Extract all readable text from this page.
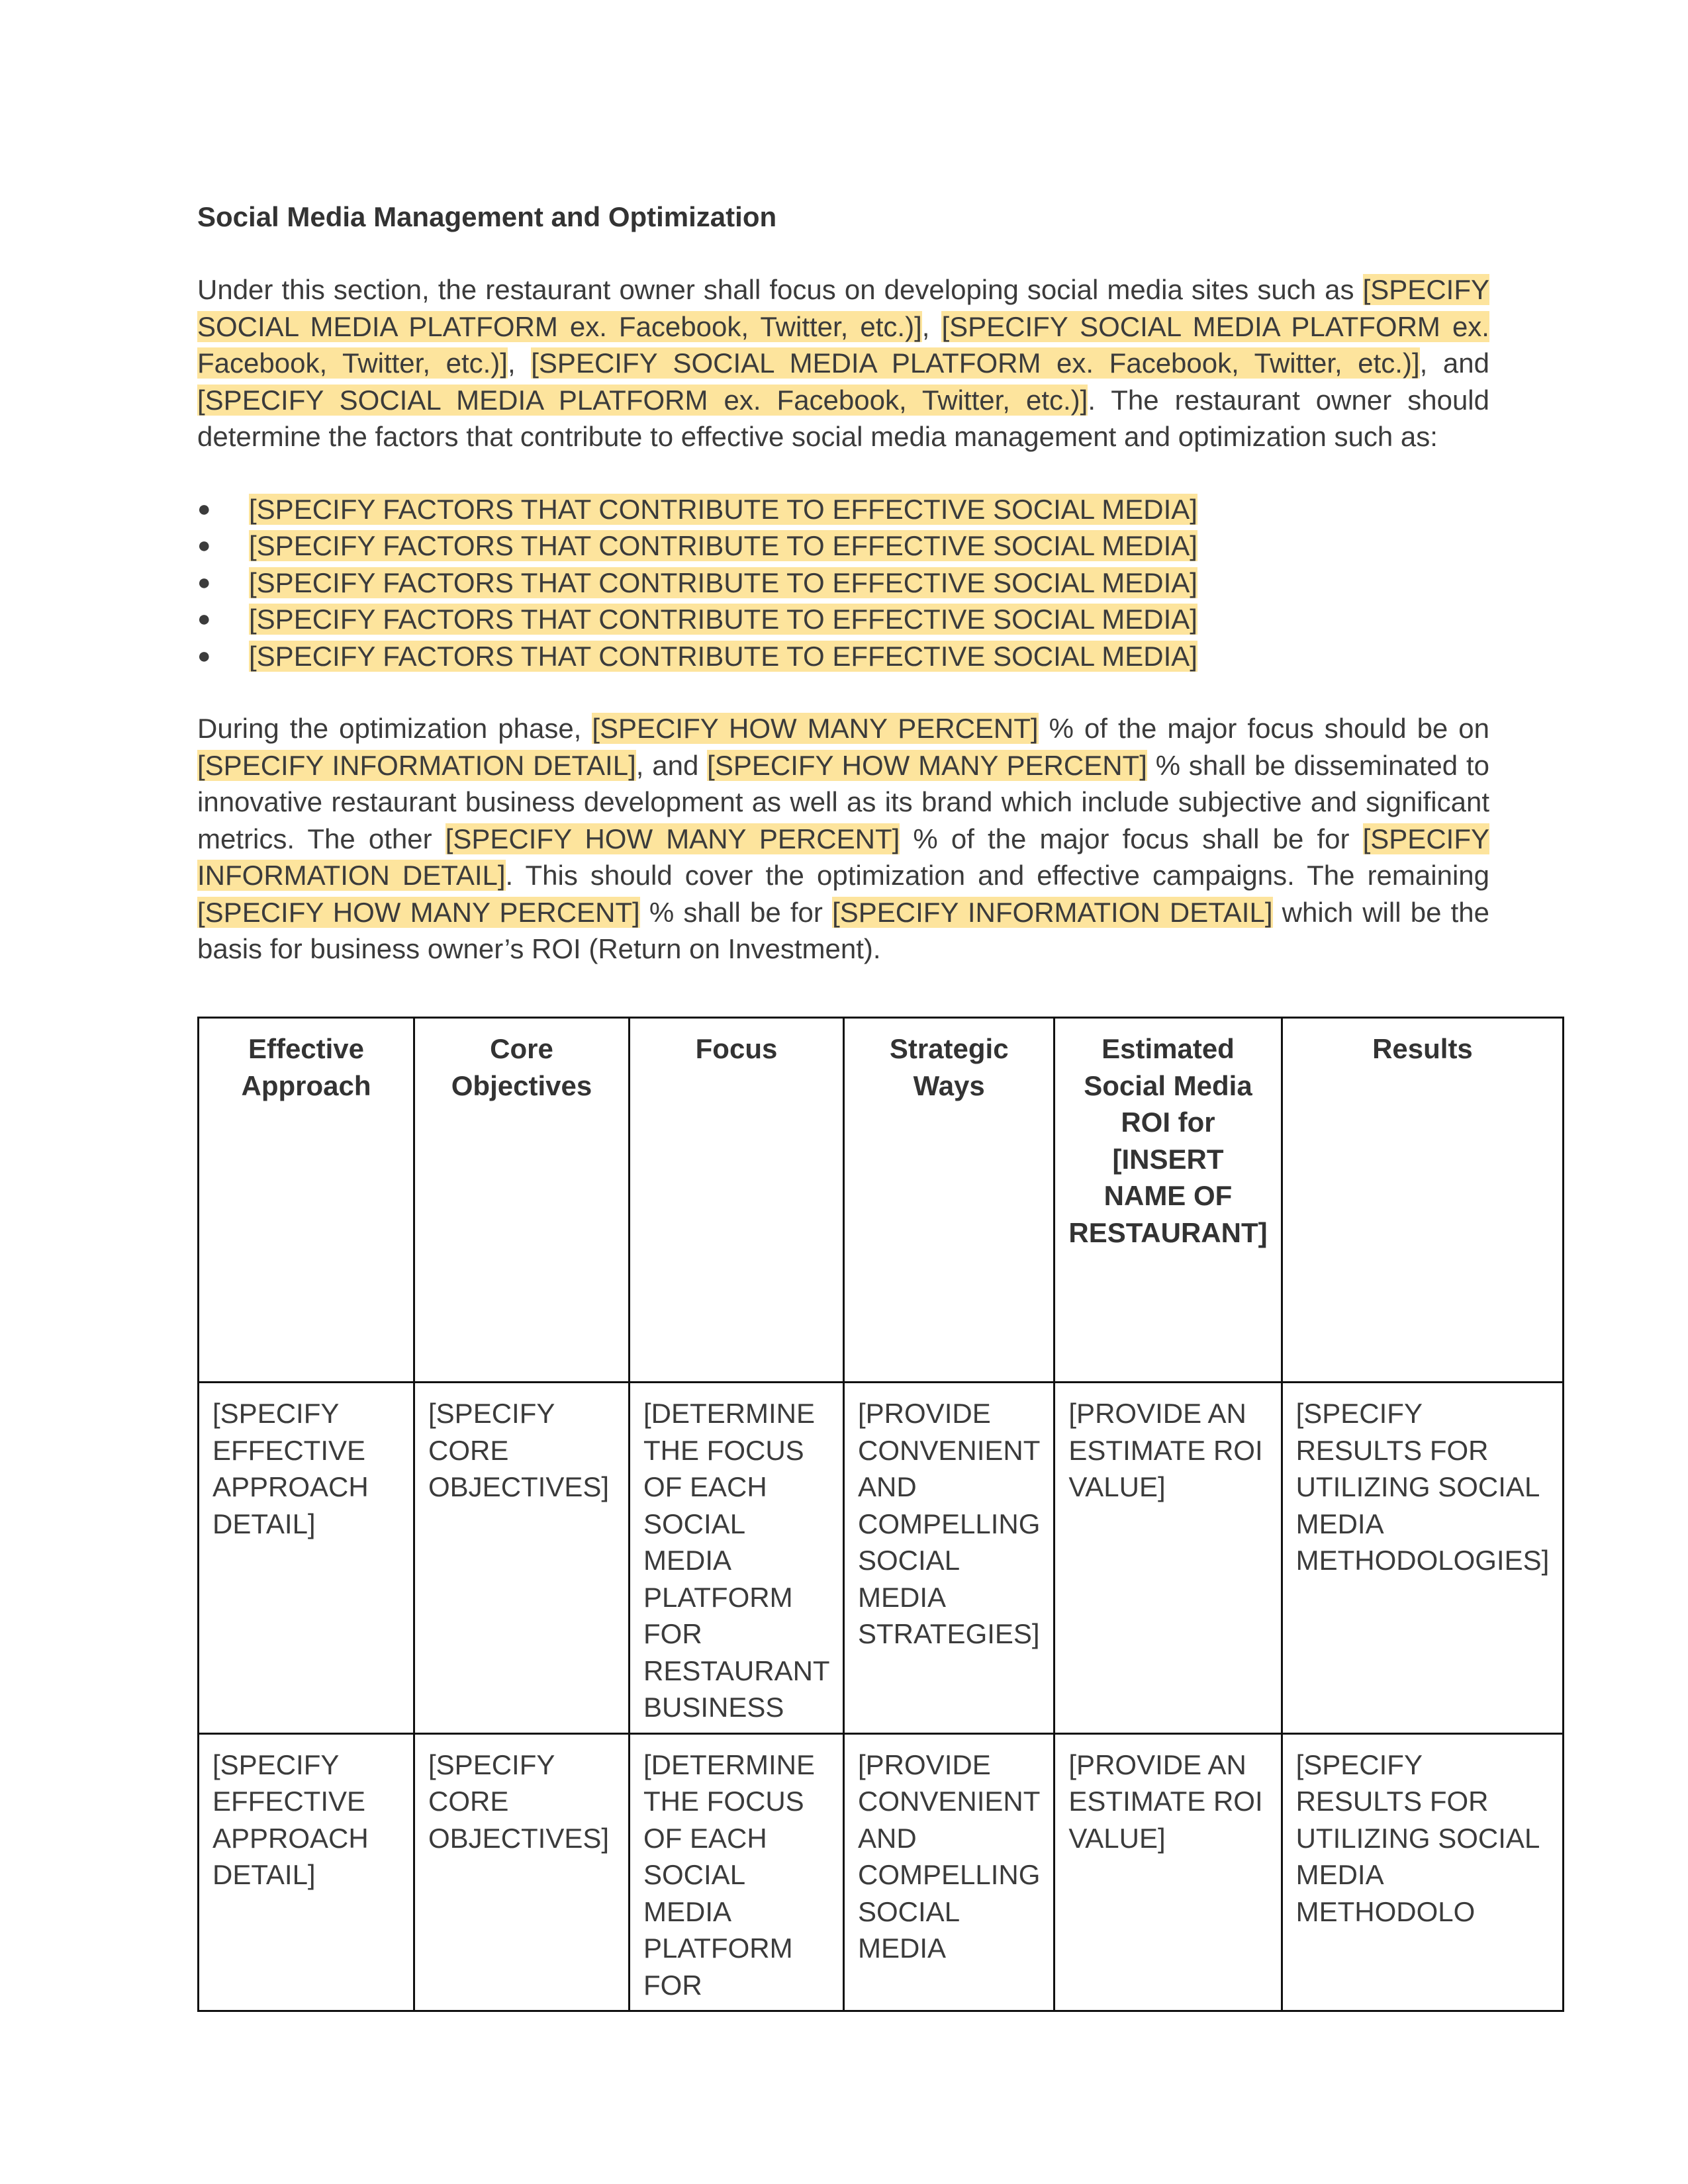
Social Media Management and Optimization

Under this section, the restaurant owner shall focus on developing social media sites such as [SPECIFY SOCIAL MEDIA PLATFORM ex. Facebook, Twitter, etc.)], [SPECIFY SOCIAL MEDIA PLATFORM ex. Facebook, Twitter, etc.)], [SPECIFY SOCIAL MEDIA PLATFORM ex. Facebook, Twitter, etc.)], and [SPECIFY SOCIAL MEDIA PLATFORM ex. Facebook, Twitter, etc.)]. The restaurant owner should determine the factors that contribute to effective social media management and optimization such as:

● [SPECIFY FACTORS THAT CONTRIBUTE TO EFFECTIVE SOCIAL MEDIA]
● [SPECIFY FACTORS THAT CONTRIBUTE TO EFFECTIVE SOCIAL MEDIA]
● [SPECIFY FACTORS THAT CONTRIBUTE TO EFFECTIVE SOCIAL MEDIA]
● [SPECIFY FACTORS THAT CONTRIBUTE TO EFFECTIVE SOCIAL MEDIA]
● [SPECIFY FACTORS THAT CONTRIBUTE TO EFFECTIVE SOCIAL MEDIA]

During the optimization phase, [SPECIFY HOW MANY PERCENT] % of the major focus should be on [SPECIFY INFORMATION DETAIL], and [SPECIFY HOW MANY PERCENT] % shall be disseminated to innovative restaurant business development as well as its brand which include subjective and significant metrics. The other [SPECIFY HOW MANY PERCENT] % of the major focus shall be for [SPECIFY INFORMATION DETAIL]. This should cover the optimization and effective campaigns. The remaining [SPECIFY HOW MANY PERCENT] % shall be for [SPECIFY INFORMATION DETAIL] which will be the basis for business owner’s ROI (Return on Investment).

Effective Approach	Core Objectives	Focus	Strategic Ways	Estimated Social Media ROI for [INSERT NAME OF RESTAURANT]	Results
[SPECIFY EFFECTIVE APPROACH DETAIL]	[SPECIFY CORE OBJECTIVES]	[DETERMINE THE FOCUS OF EACH SOCIAL MEDIA PLATFORM FOR RESTAURANT BUSINESS	[PROVIDE CONVENIENT AND COMPELLING SOCIAL MEDIA STRATEGIES]	[PROVIDE AN ESTIMATE ROI VALUE]	[SPECIFY RESULTS FOR UTILIZING SOCIAL MEDIA METHODOLOGIES]
[SPECIFY EFFECTIVE APPROACH DETAIL]	[SPECIFY CORE OBJECTIVES]	[DETERMINE THE FOCUS OF EACH SOCIAL MEDIA PLATFORM FOR	[PROVIDE CONVENIENT AND COMPELLING SOCIAL MEDIA	[PROVIDE AN ESTIMATE ROI VALUE]	[SPECIFY RESULTS FOR UTILIZING SOCIAL MEDIA METHODOLO
